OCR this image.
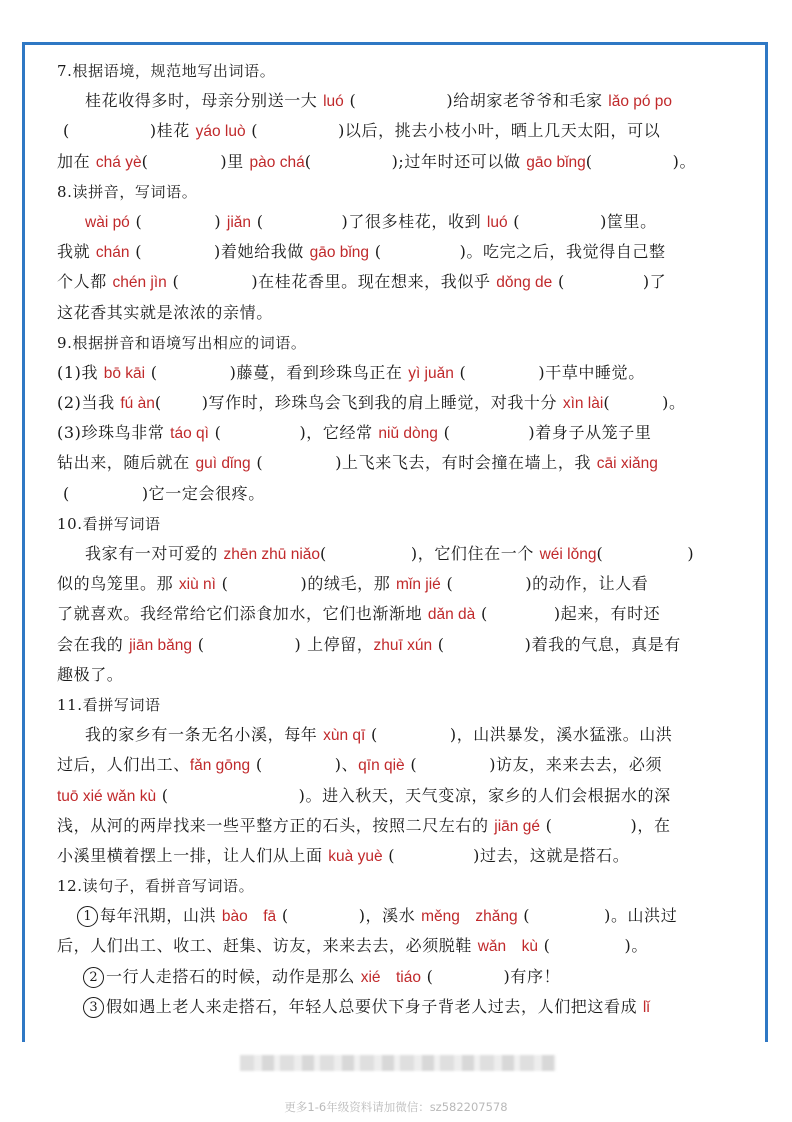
7.根据语境，规范地写出词语。
桂花收得多时，母亲分别送一大 luó (	)给胡家老爷爷和毛家 lǎo pó po
(	)桂花 yáo luò (	)以后，挑去小枝小叶，晒上几天太阳，可以
加在 chá yè(	)里 pào chá(	);过年时还可以做 gāo bǐng(	)。
8.读拼音，写词语。
wài pó (	) jiǎn (	)了很多桂花，收到 luó (	)筐里。
我就 chán (	)着她给我做 gāo bǐng (	)。吃完之后，我觉得自己整
个人都 chén jìn (	)在桂花香里。现在想来，我似乎 dǒng de (	)了
这花香其实就是浓浓的亲情。
9.根据拼音和语境写出相应的词语。
(1)我 bō kāi (	)藤蔓，看到珍珠鸟正在 yì juǎn (	)干草中睡觉。
(2)当我 fú àn(	)写作时，珍珠鸟会飞到我的肩上睡觉，对我十分 xìn lài(	)。
(3)珍珠鸟非常 táo qì (	)，它经常 niǔ dòng (	)着身子从笼子里
钻出来，随后就在 guì dǐng (	)上飞来飞去，有时会撞在墙上，我 cāi xiǎng
(	)它一定会很疼。
10.看拼写词语
我家有一对可爱的 zhēn zhū niǎo(	)，它们住在一个 wéi lǒng(	)
似的鸟笼里。那 xiù nì (	)的绒毛，那 mǐn jié (	)的动作，让人看
了就喜欢。我经常给它们添食加水，它们也渐渐地 dǎn dà (	)起来，有时还
会在我的 jiān bǎng (	) 上停留，zhuī xún (	)着我的气息，真是有
趣极了。
11.看拼写词语
我的家乡有一条无名小溪，每年 xùn qī (	)，山洪暴发，溪水猛涨。山洪
过后，人们出工、fǎn gōng (	)、qīn qiè (	)访友，来来去去，必须
tuō xié wǎn kù (	)。进入秋天，天气变凉，家乡的人们会根据水的深
浅，从河的两岸找来一些平整方正的石头，按照二尺左右的 jiān gé (	)，在
小溪里横着摆上一排，让人们从上面 kuà yuè (	)过去，这就是搭石。
12.读句子，看拼音写词语。
1 每年汛期，山洪 bào　fā (	)，溪水 měng　zhǎng (	)。山洪过
后，人们出工、收工、赶集、访友，来来去去，必须脱鞋 wǎn　kù (	)。
2 一行人走搭石的时候，动作是那么 xié　tiáo (	)有序！
3 假如遇上老人来走搭石，年轻人总要伏下身子背老人过去，人们把这看成 lǐ
更多1-6年级资料请加微信：sz582207578
